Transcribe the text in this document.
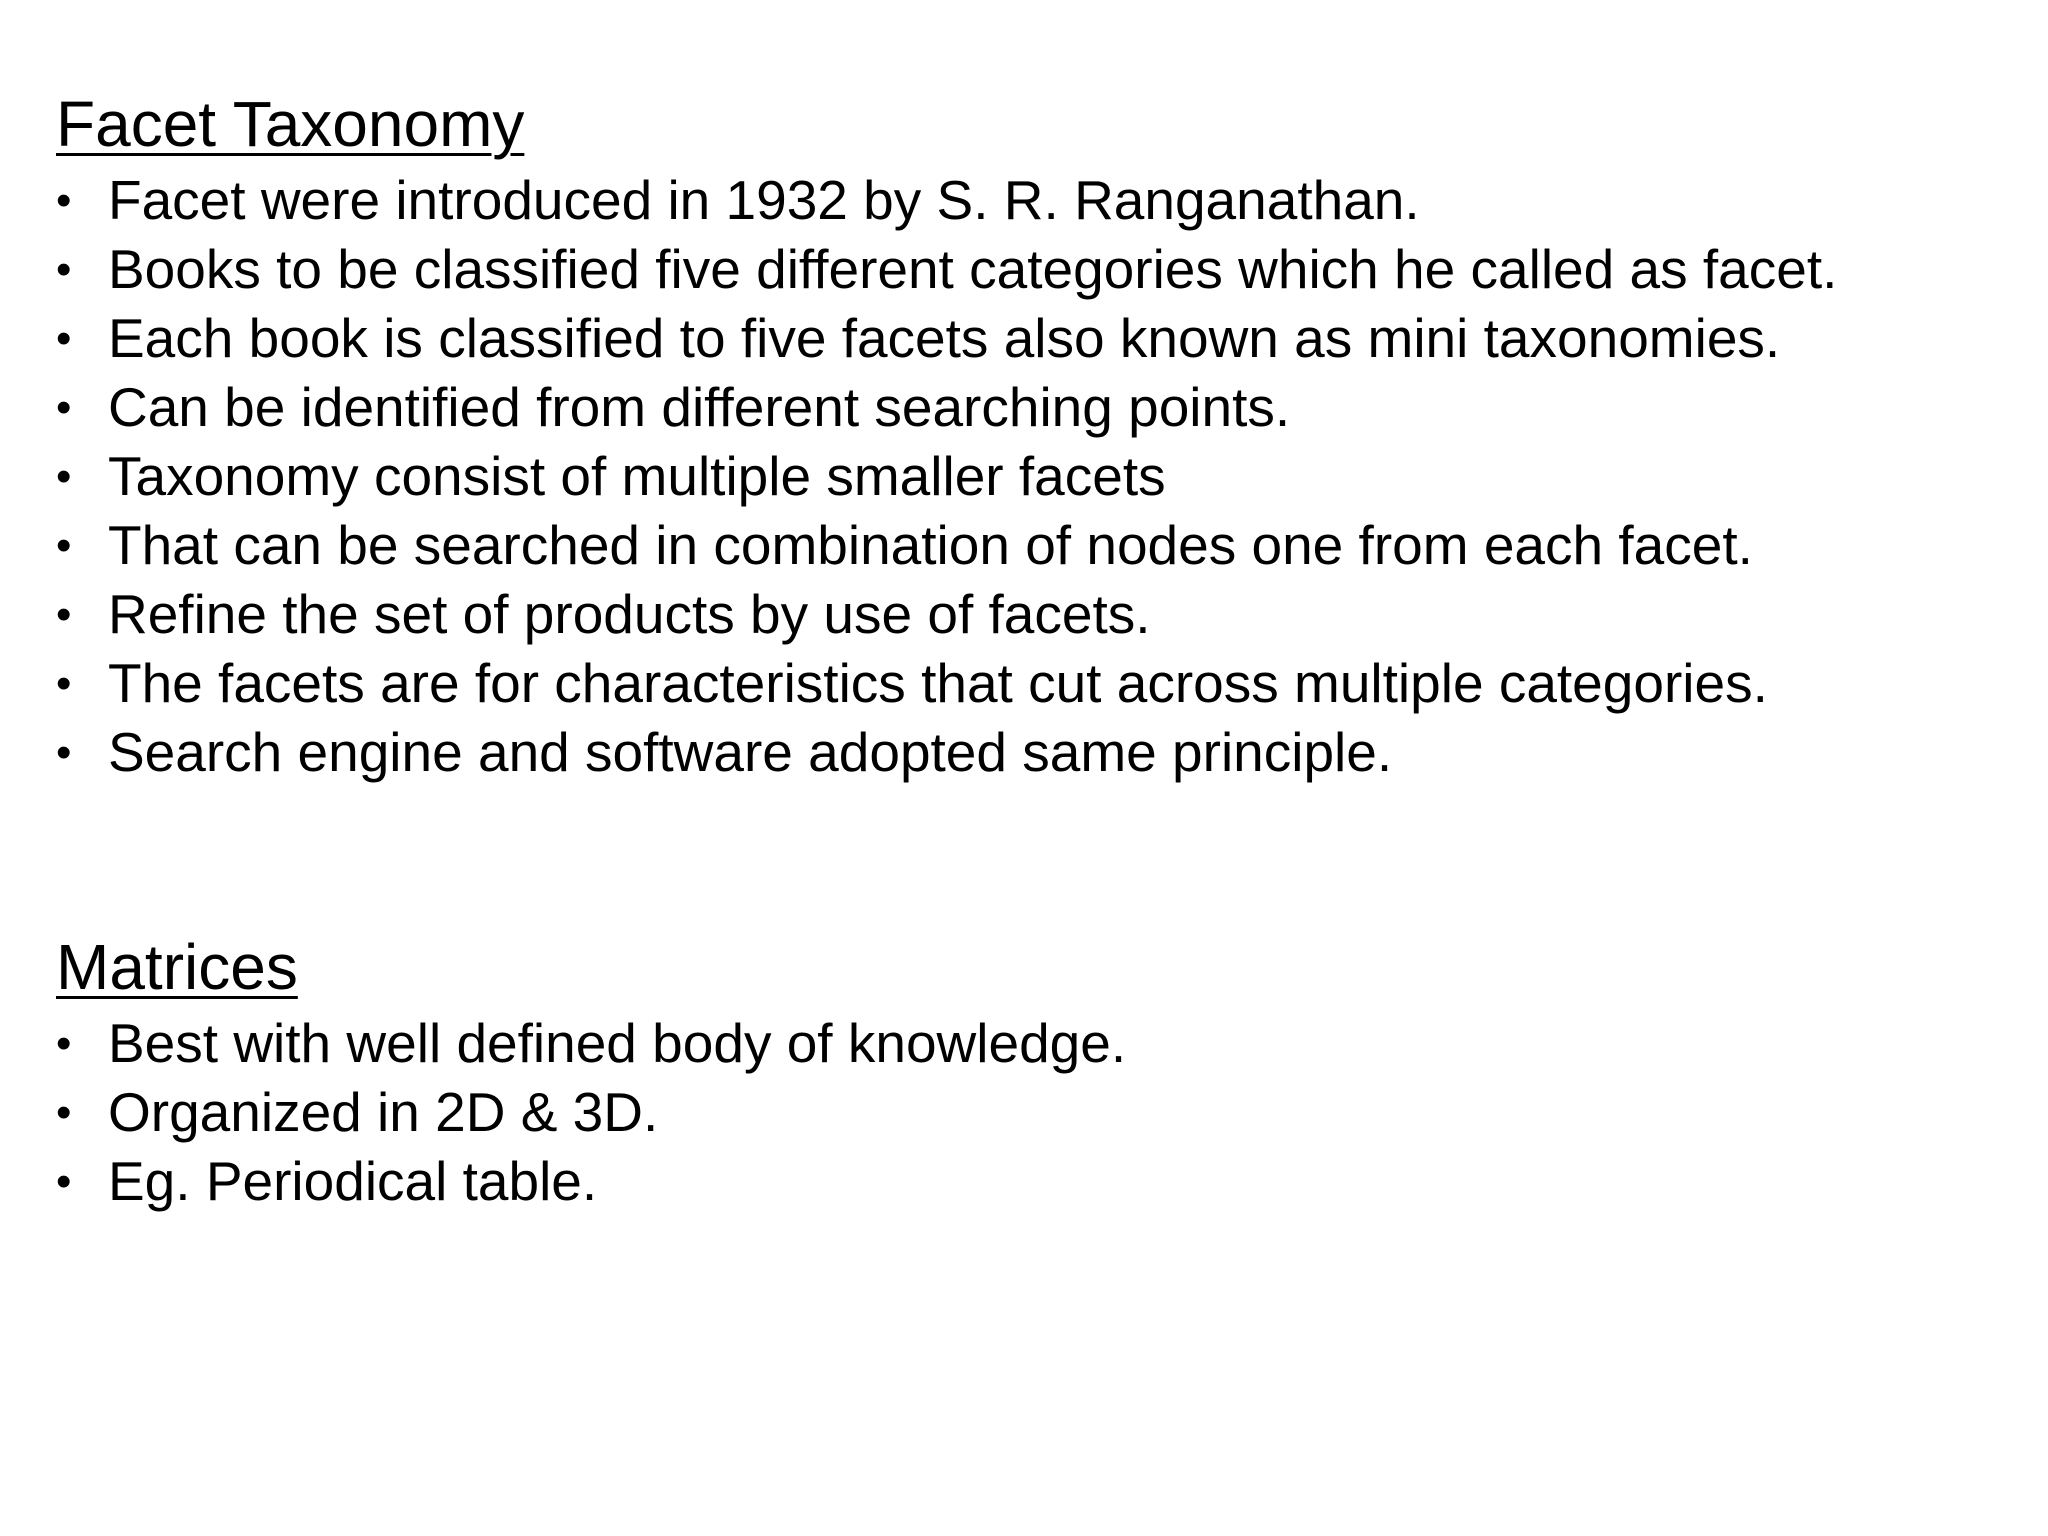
Facet Taxonomy
• Facet were introduced in 1932 by S. R. Ranganathan.
• Books to be classified five different categories which he called as facet.
• Each book is classified to five facets also known as mini taxonomies.
• Can be identified from different searching points.
• Taxonomy consist of multiple smaller facets
• That can be searched in combination of nodes one from each facet.
• Refine the set of products by use of facets.
• The facets are for characteristics that cut across multiple categories.
• Search engine and software adopted same principle.
Matrices
• Best with well defined body of knowledge.
• Organized in 2D & 3D.
• Eg. Periodical table.
